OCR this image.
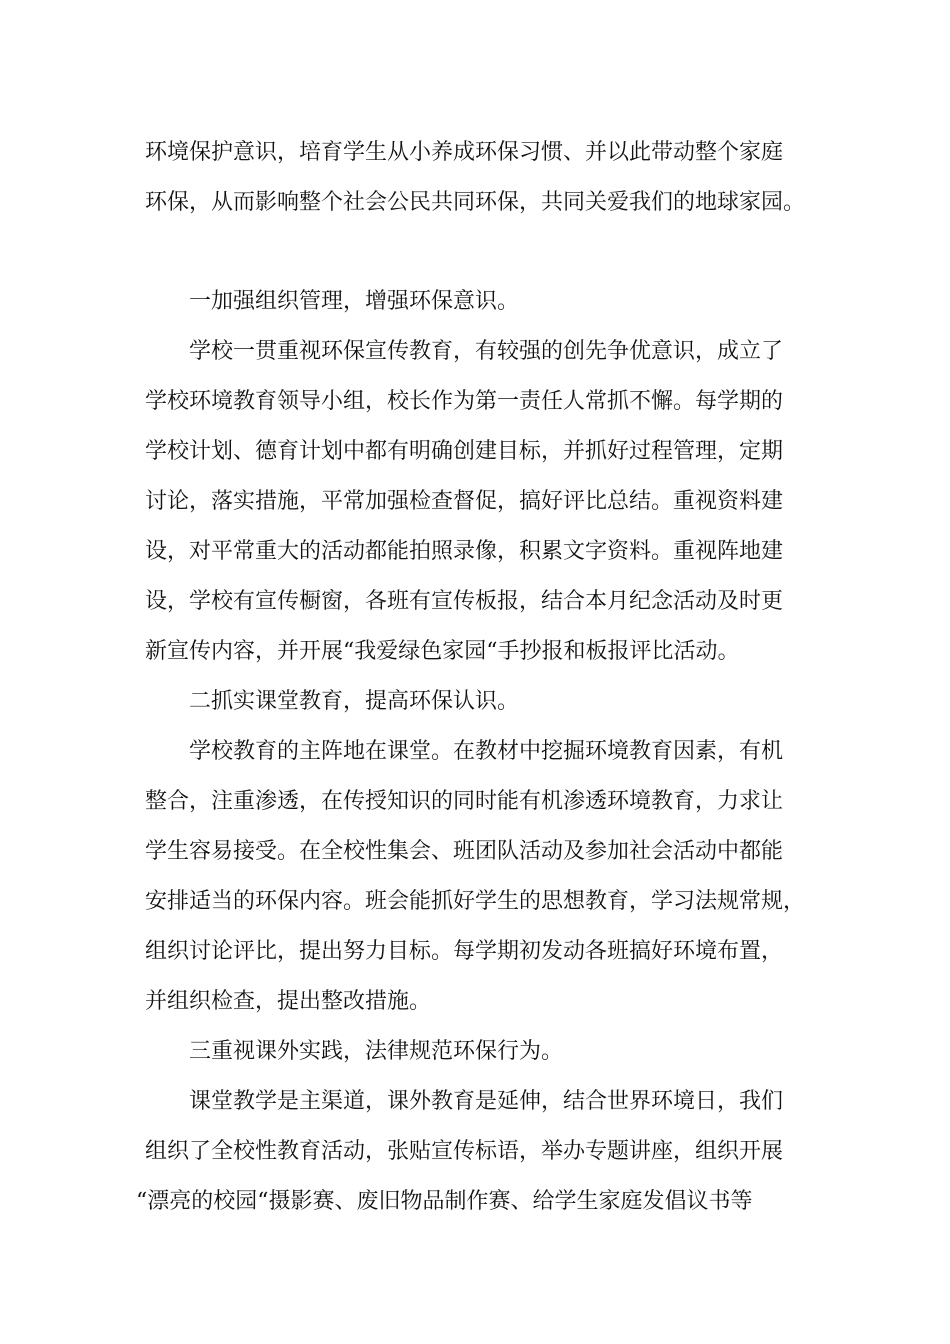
环境保护意识，培育学生从小养成环保习惯、并以此带动整个家庭
环保，从而影响整个社会公民共同环保，共同关爱我们的地球家园。
一加强组织管理，增强环保意识。
学校一贯重视环保宣传教育，有较强的创先争优意识，成立了
学校环境教育领导小组，校长作为第一责任人常抓不懈。每学期的
学校计划、德育计划中都有明确创建目标，并抓好过程管理，定期
讨论，落实措施，平常加强检查督促，搞好评比总结。重视资料建
设，对平常重大的活动都能拍照录像，积累文字资料。重视阵地建
设，学校有宣传橱窗，各班有宣传板报，结合本月纪念活动及时更
新宣传内容，并开展“我爱绿色家园“手抄报和板报评比活动。
二抓实课堂教育，提高环保认识。
学校教育的主阵地在课堂。在教材中挖掘环境教育因素，有机
整合，注重渗透，在传授知识的同时能有机渗透环境教育，力求让
学生容易接受。在全校性集会、班团队活动及参加社会活动中都能
安排适当的环保内容。班会能抓好学生的思想教育，学习法规常规，
组织讨论评比，提出努力目标。每学期初发动各班搞好环境布置，
并组织检查，提出整改措施。
三重视课外实践，法律规范环保行为。
课堂教学是主渠道，课外教育是延伸，结合世界环境日，我们
组织了全校性教育活动，张贴宣传标语，举办专题讲座，组织开展
“漂亮的校园“摄影赛、废旧物品制作赛、给学生家庭发倡议书等
